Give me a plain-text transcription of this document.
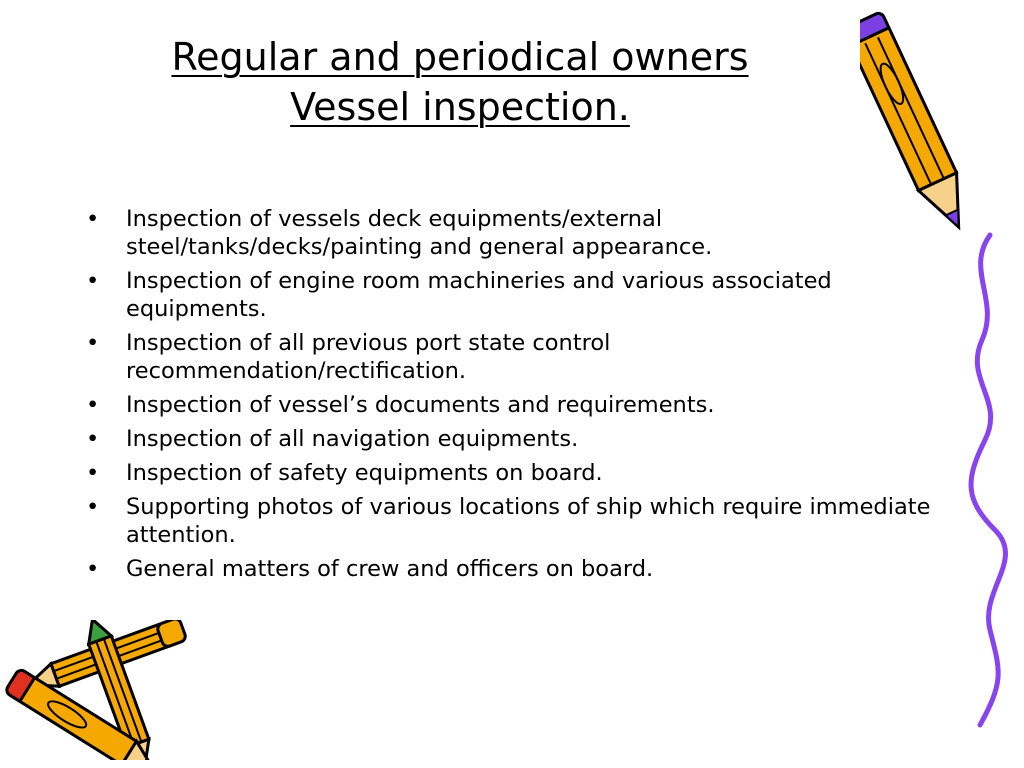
Regular and periodical owners
Vessel inspection.
• Inspection of vessels deck equipments/external steel/tanks/decks/painting and general appearance.
• Inspection of engine room machineries and various associated equipments.
• Inspection of all previous port state control recommendation/rectification.
• Inspection of vessel’s documents and requirements.
• Inspection of all navigation equipments.
• Inspection of safety equipments on board.
• Supporting photos of various locations of ship which require immediate attention.
• General matters of crew and officers on board.
